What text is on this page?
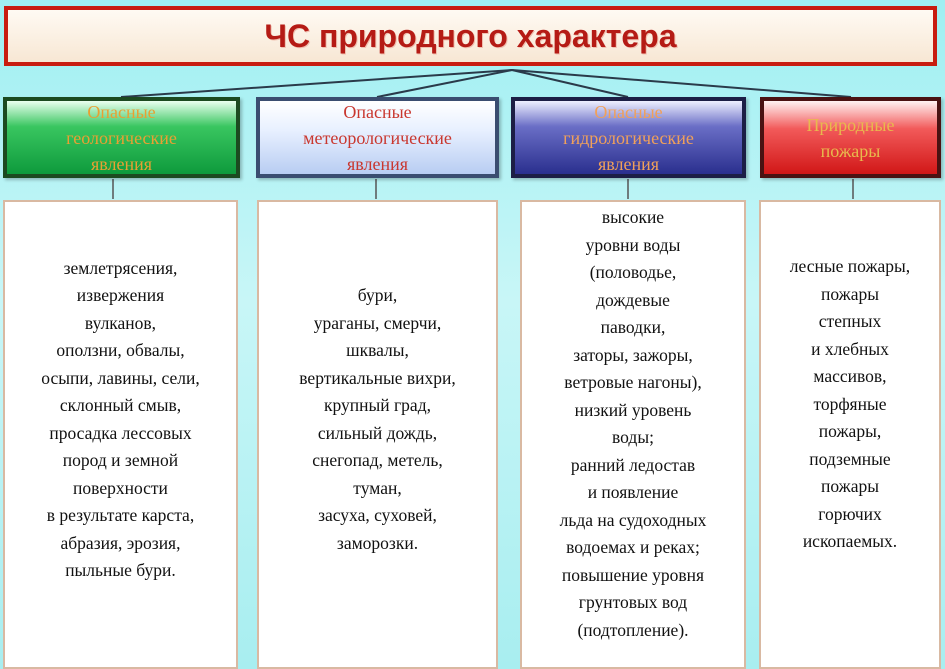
ЧС природного характера
Опасные
геологические
явления
Опасные
метеорологические
явления
Опасные
гидрологические
явления
Природные
пожары
землетрясения,
извержения
вулканов,
оползни, обвалы,
осыпи, лавины, сели,
склонный смыв,
просадка лессовых
пород и земной
поверхности
в результате карста,
абразия, эрозия,
пыльные бури.
бури,
ураганы, смерчи,
шквалы,
вертикальные вихри,
крупный град,
сильный дождь,
снегопад, метель,
туман,
засуха, суховей,
заморозки.
высокие
уровни воды
(половодье,
дождевые
паводки,
заторы, зажоры,
ветровые нагоны),
низкий уровень
воды;
ранний ледостав
и появление
льда на судоходных
водоемах и реках;
повышение уровня
грунтовых вод
(подтопление).
лесные пожары,
пожары
степных
и хлебных
массивов,
торфяные
пожары,
подземные
пожары
горючих
ископаемых.
